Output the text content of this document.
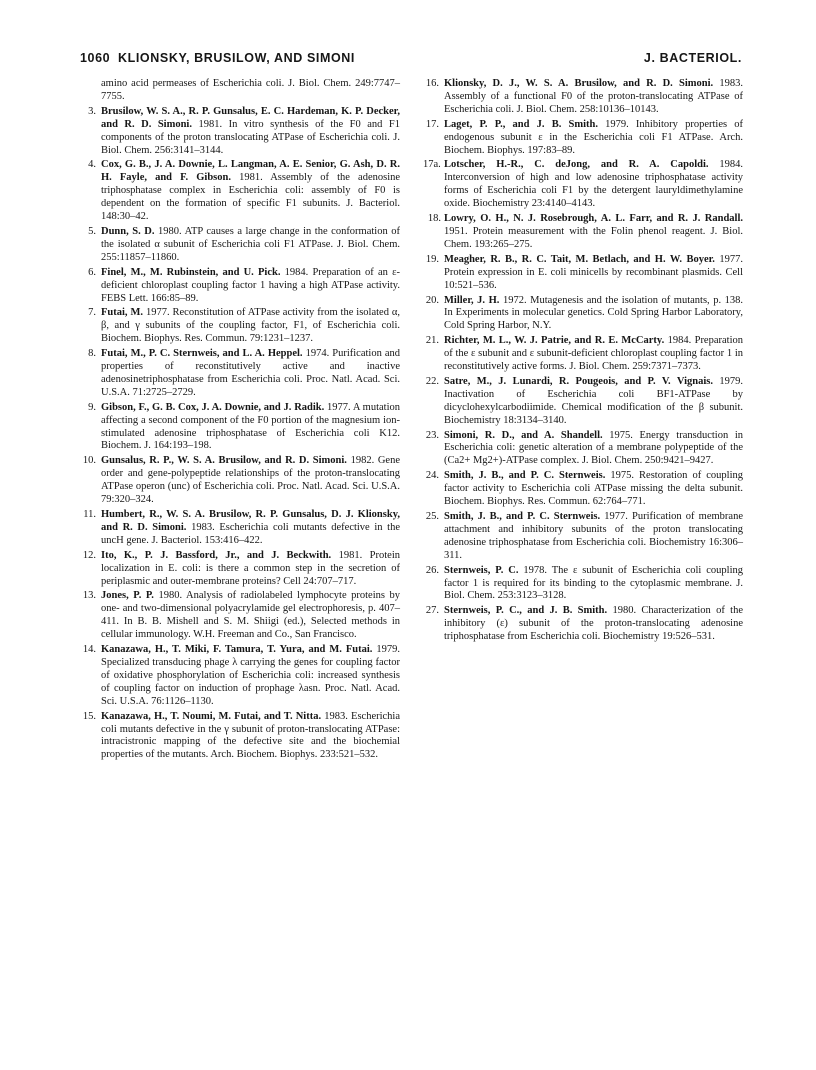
1060 KLIONSKY, BRUSILOW, AND SIMONI	J. BACTERIOL.
amino acid permeases of Escherichia coli. J. Biol. Chem. 249:7747–7755.
3. Brusilow, W. S. A., R. P. Gunsalus, E. C. Hardeman, K. P. Decker, and R. D. Simoni. 1981. In vitro synthesis of the F0 and F1 components of the proton translocating ATPase of Escherichia coli. J. Biol. Chem. 256:3141–3144.
4. Cox, G. B., J. A. Downie, L. Langman, A. E. Senior, G. Ash, D. R. H. Fayle, and F. Gibson. 1981. Assembly of the adenosine triphosphatase complex in Escherichia coli: assembly of F0 is dependent on the formation of specific F1 subunits. J. Bacteriol. 148:30–42.
5. Dunn, S. D. 1980. ATP causes a large change in the conformation of the isolated α subunit of Escherichia coli F1 ATPase. J. Biol. Chem. 255:11857–11860.
6. Finel, M., M. Rubinstein, and U. Pick. 1984. Preparation of an ε-deficient chloroplast coupling factor 1 having a high ATPase activity. FEBS Lett. 166:85–89.
7. Futai, M. 1977. Reconstitution of ATPase activity from the isolated α, β, and γ subunits of the coupling factor, F1, of Escherichia coli. Biochem. Biophys. Res. Commun. 79:1231–1237.
8. Futai, M., P. C. Sternweis, and L. A. Heppel. 1974. Purification and properties of reconstitutively active and inactive adenosinetriphosphatase from Escherichia coli. Proc. Natl. Acad. Sci. U.S.A. 71:2725–2729.
9. Gibson, F., G. B. Cox, J. A. Downie, and J. Radik. 1977. A mutation affecting a second component of the F0 portion of the magnesium ion-stimulated adenosine triphosphatase of Escherichia coli K12. Biochem. J. 164:193–198.
10. Gunsalus, R. P., W. S. A. Brusilow, and R. D. Simoni. 1982. Gene order and gene-polypeptide relationships of the proton-translocating ATPase operon (unc) of Escherichia coli. Proc. Natl. Acad. Sci. U.S.A. 79:320–324.
11. Humbert, R., W. S. A. Brusilow, R. P. Gunsalus, D. J. Klionsky, and R. D. Simoni. 1983. Escherichia coli mutants defective in the uncH gene. J. Bacteriol. 153:416–422.
12. Ito, K., P. J. Bassford, Jr., and J. Beckwith. 1981. Protein localization in E. coli: is there a common step in the secretion of periplasmic and outer-membrane proteins? Cell 24:707–717.
13. Jones, P. P. 1980. Analysis of radiolabeled lymphocyte proteins by one- and two-dimensional polyacrylamide gel electrophoresis, p. 407–411. In B. B. Mishell and S. M. Shiigi (ed.), Selected methods in cellular immunology. W.H. Freeman and Co., San Francisco.
14. Kanazawa, H., T. Miki, F. Tamura, T. Yura, and M. Futai. 1979. Specialized transducing phage λ carrying the genes for coupling factor of oxidative phosphorylation of Escherichia coli: increased synthesis of coupling factor on induction of prophage λasn. Proc. Natl. Acad. Sci. U.S.A. 76:1126–1130.
15. Kanazawa, H., T. Noumi, M. Futai, and T. Nitta. 1983. Escherichia coli mutants defective in the γ subunit of proton-translocating ATPase: intracistronic mapping of the defective site and the biochemial properties of the mutants. Arch. Biochem. Biophys. 233:521–532.
16. Klionsky, D. J., W. S. A. Brusilow, and R. D. Simoni. 1983. Assembly of a functional F0 of the proton-translocating ATPase of Escherichia coli. J. Biol. Chem. 258:10136–10143.
17. Laget, P. P., and J. B. Smith. 1979. Inhibitory properties of endogenous subunit ε in the Escherichia coli F1 ATPase. Arch. Biochem. Biophys. 197:83–89.
17a. Lotscher, H.-R., C. deJong, and R. A. Capoldi. 1984. Interconversion of high and low adenosine triphosphatase activity forms of Escherichia coli F1 by the detergent lauryldimethylamine oxide. Biochemistry 23:4140–4143.
18. Lowry, O. H., N. J. Rosebrough, A. L. Farr, and R. J. Randall. 1951. Protein measurement with the Folin phenol reagent. J. Biol. Chem. 193:265–275.
19. Meagher, R. B., R. C. Tait, M. Betlach, and H. W. Boyer. 1977. Protein expression in E. coli minicells by recombinant plasmids. Cell 10:521–536.
20. Miller, J. H. 1972. Mutagenesis and the isolation of mutants, p. 138. In Experiments in molecular genetics. Cold Spring Harbor Laboratory, Cold Spring Harbor, N.Y.
21. Richter, M. L., W. J. Patrie, and R. E. McCarty. 1984. Preparation of the ε subunit and ε subunit-deficient chloroplast coupling factor 1 in reconstitutively active forms. J. Biol. Chem. 259:7371–7373.
22. Satre, M., J. Lunardi, R. Pougeois, and P. V. Vignais. 1979. Inactivation of Escherichia coli BF1-ATPase by dicyclohexylcarbodiimide. Chemical modification of the β subunit. Biochemistry 18:3134–3140.
23. Simoni, R. D., and A. Shandell. 1975. Energy transduction in Escherichia coli: genetic alteration of a membrane polypeptide of the (Ca2+ Mg2+)-ATPase complex. J. Biol. Chem. 250:9421–9427.
24. Smith, J. B., and P. C. Sternweis. 1975. Restoration of coupling factor activity to Escherichia coli ATPase missing the delta subunit. Biochem. Biophys. Res. Commun. 62:764–771.
25. Smith, J. B., and P. C. Sternweis. 1977. Purification of membrane attachment and inhibitory subunits of the proton translocating adenosine triphosphatase from Escherichia coli. Biochemistry 16:306–311.
26. Sternweis, P. C. 1978. The ε subunit of Escherichia coli coupling factor 1 is required for its binding to the cytoplasmic membrane. J. Biol. Chem. 253:3123–3128.
27. Sternweis, P. C., and J. B. Smith. 1980. Characterization of the inhibitory (ε) subunit of the proton-translocating adenosine triphosphatase from Escherichia coli. Biochemistry 19:526–531.
